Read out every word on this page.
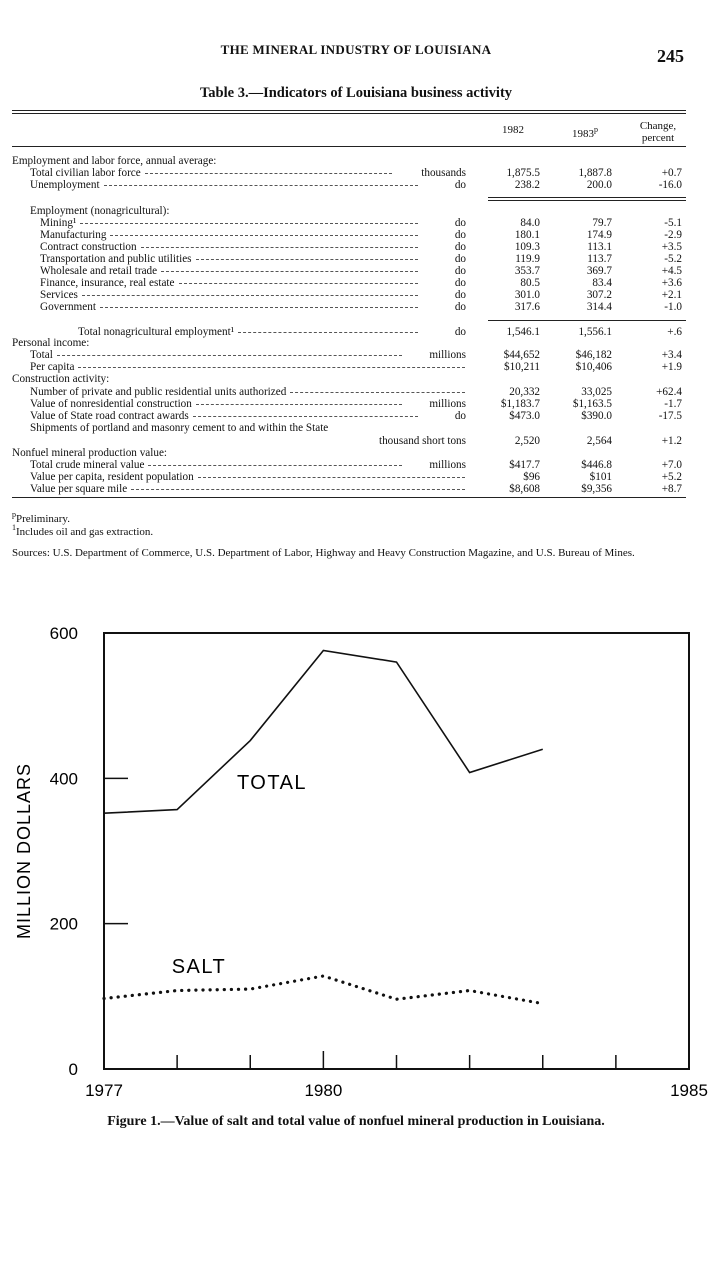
THE MINERAL INDUSTRY OF LOUISIANA	245
Table 3.—Indicators of Louisiana business activity
1982	1983$^p$	Change,
percent
Employment and labor force, annual average:
Total civilian labor force	thousands	1,875.5	1,887.8	+0.7
Unemployment	do	238.2	200.0	-16.0
Employment (nonagricultural):
Mining¹	do	84.0	79.7	-5.1
Manufacturing	do	180.1	174.9	-2.9
Contract construction	do	109.3	113.1	+3.5
Transportation and public utilities	do	119.9	113.7	-5.2
Wholesale and retail trade	do	353.7	369.7	+4.5
Finance, insurance, real estate	do	80.5	83.4	+3.6
Services	do	301.0	307.2	+2.1
Government	do	317.6	314.4	-1.0
Total nonagricultural employment¹	do	1,546.1	1,556.1	+.6
Personal income:
Total	millions	$44,652	$46,182	+3.4
Per capita	$10,211	$10,406	+1.9
Construction activity:
Number of private and public residential units authorized	20,332	33,025	+62.4
Value of nonresidential construction	millions	$1,183.7	$1,163.5	-1.7
Value of State road contract awards	do	$473.0	$390.0	-17.5
Shipments of portland and masonry cement to and within the State
thousand short tons	2,520	2,564	+1.2
Nonfuel mineral production value:
Total crude mineral value	millions	$417.7	$446.8	+7.0
Value per capita, resident population	$96	$101	+5.2
Value per square mile	$8,608	$9,356	+8.7
$^p$Preliminary.
$^1$Includes oil and gas extraction.
Sources: U.S. Department of Commerce, U.S. Department of Labor, Highway and Heavy Construction Magazine, and U.S. Bureau of Mines.
0
200
400
600
1977	1980	1985
MILLION DOLLARS	TOTAL
SALT
Figure 1.—Value of salt and total value of nonfuel mineral production in Louisiana.
